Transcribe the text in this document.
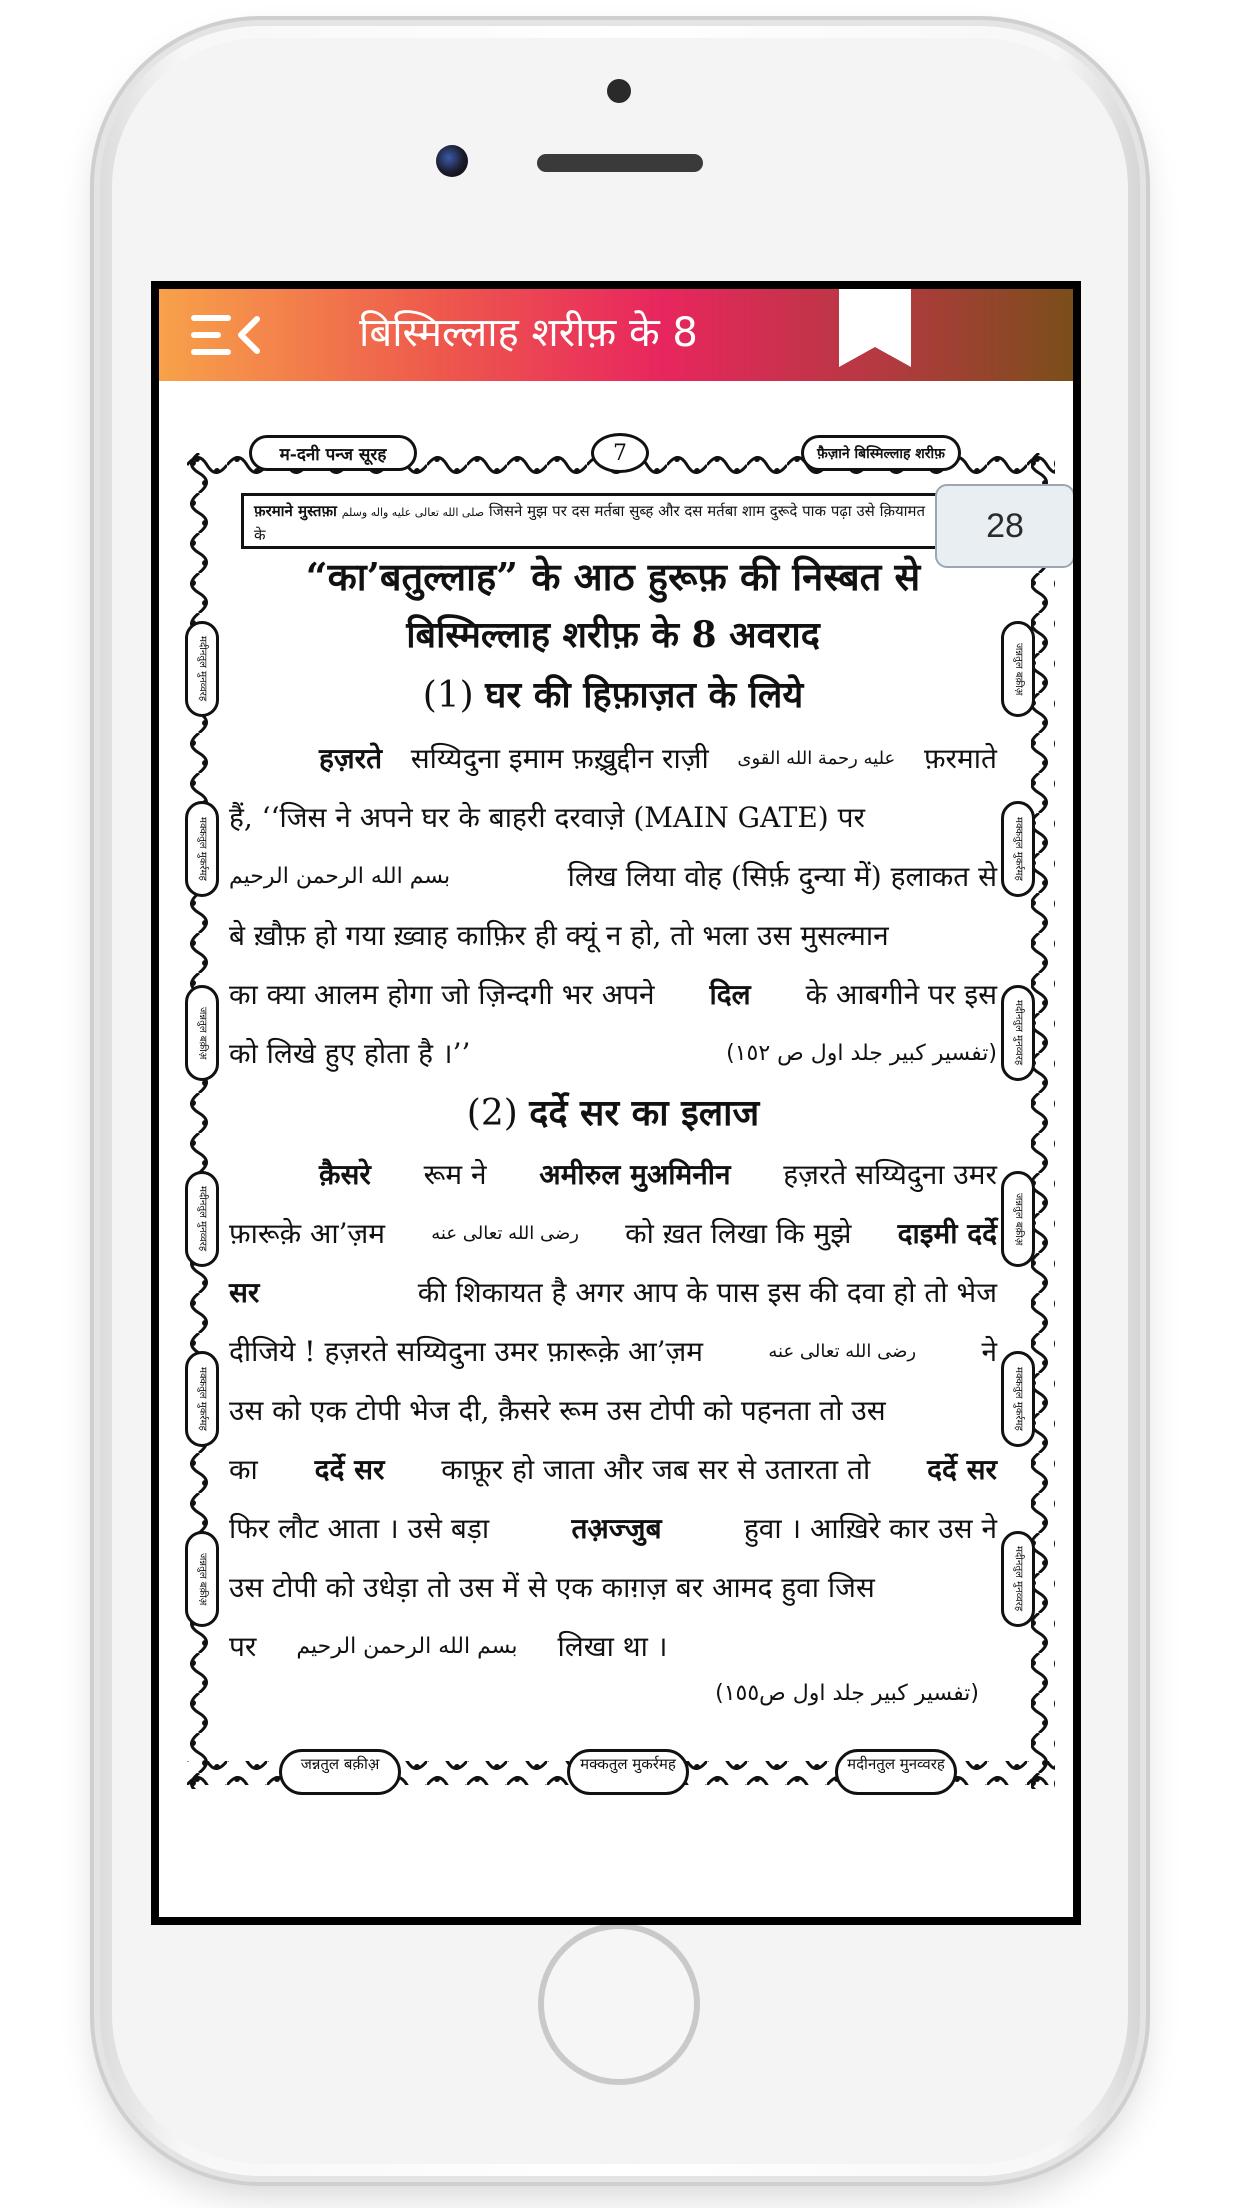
बिस्मिल्लाह शरीफ़ के 8
म-दनी पन्ज सूरह	7	फ़ैज़ाने बिस्मिल्लाह शरीफ़
फ़रमाने मुस्तफ़ा صلى الله تعالى عليه واله وسلم जिसने मुझ पर दस मर्तबा सुब्ह और दस मर्तबा शाम दुरूदे पाक पढ़ा उसे क़ियामत के	28
“का’बतुल्लाह” के आठ हुरूफ़ की निस्बत से
बिस्मिल्लाह शरीफ़ के 8 अवराद
(1) घर की हिफ़ाज़त के लिये
हज़रते सय्यिदुना इमाम फ़ख़्रुद्दीन राज़ी عليه رحمة الله القوى फ़रमाते
हैं, ‘‘जिस ने अपने घर के बाहरी दरवाज़े (MAIN GATE) पर
بسم الله الرحمن الرحيم	लिख लिया वोह (सिर्फ़ दुन्या में) हलाकत से
बे ख़ौफ़ हो गया ख़्वाह काफ़िर ही क्यूं न हो, तो भला उस मुसल्मान
का क्या आलम होगा जो ज़िन्दगी भर अपने दिल के आबगीने पर इस
को लिखे हुए होता है ।’’	(تفسير كبير جلد اول ص ١٥٢)
(2) दर्दे सर का इलाज
क़ैसरे रूम ने अमीरुल मुअमिनीन हज़रते सय्यिदुना उमर
फ़ारूक़े आ’ज़म	رضى الله تعالى عنه को ख़त लिखा कि मुझे दाइमी दर्दे
सर	की शिकायत है अगर आप के पास इस की दवा हो तो भेज
दीजिये ! हज़रते सय्यिदुना उमर फ़ारूक़े आ’ज़म	رضى الله تعالى عنه ने
उस को एक टोपी भेज दी, क़ैसरे रूम उस टोपी को पहनता तो उस
का दर्दे सर काफ़ूर हो जाता और जब सर से उतारता तो दर्दे सर
फिर लौट आता । उसे बड़ा	तअ़ज्जुब	हुवा । आख़िरे कार उस ने
उस टोपी को उधेड़ा तो उस में से एक काग़ज़ बर आमद हुवा जिस
पर بسم الله الرحمن الرحيم लिखा था ।
(تفسير كبير جلد اول ص١٥٥)
मदीनतुल मुनव्वरह
मक्कतुल मुकर्रमह
जन्नतुल बक़ीअ़
मदीनतुल मुनव्वरह
मक्कतुल मुकर्रमह
जन्नतुल बक़ीअ़
जन्नतुल बक़ीअ़
मक्कतुल मुकर्रमह
मदीनतुल मुनव्वरह
जन्नतुल बक़ीअ़
मक्कतुल मुकर्रमह
मदीनतुल मुनव्वरह
जन्नतुल बक़ीअ़	मक्कतुल मुकर्रमह	मदीनतुल मुनव्वरह
